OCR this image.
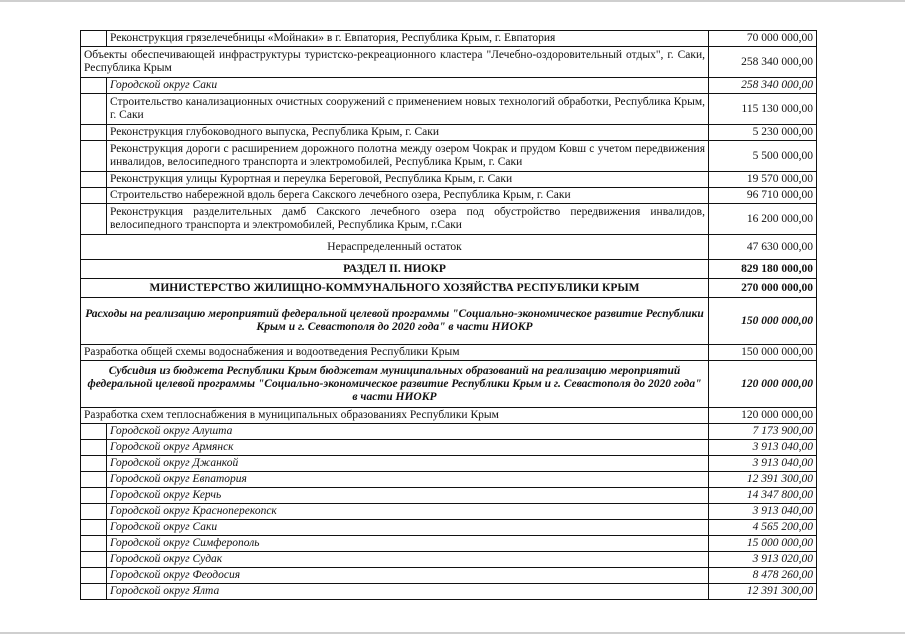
	Реконструкция грязелечебницы «Мойнаки» в г. Евпатория, Республика Крым, г. Евпатория	70 000 000,00
Объекты обеспечивающей инфраструктуры туристско-рекреационного кластера "Лечебно-оздоровительный отдых", г. Саки, Республика Крым		258 340 000,00
	Городской округ Саки	258 340 000,00
	Строительство канализационных очистных сооружений с применением новых технологий обработки, Республика Крым, г. Саки	115 130 000,00
	Реконструкция глубоководного выпуска, Республика Крым, г. Саки	5 230 000,00
	Реконструкция дороги с расширением дорожного полотна между озером Чокрак и прудом Ковш с учетом передвижения инвалидов, велосипедного транспорта и электромобилей, Республика Крым, г. Саки	5 500 000,00
	Реконструкция улицы Курортная и переулка Береговой, Республика Крым, г. Саки	19 570 000,00
	Строительство набережной вдоль берега Сакского лечебного озера, Республика Крым, г. Саки	96 710 000,00
	Реконструкция разделительных дамб Сакского лечебного озера под обустройство передвижения инвалидов, велосипедного транспорта и электромобилей, Республика Крым, г.Саки	16 200 000,00
Нераспределенный остаток		47 630 000,00
РАЗДЕЛ II. НИОКР		829 180 000,00
МИНИСТЕРСТВО ЖИЛИЩНО-КОММУНАЛЬНОГО ХОЗЯЙСТВА РЕСПУБЛИКИ КРЫМ		270 000 000,00
Расходы на реализацию мероприятий федеральной целевой программы "Социально-экономическое развитие Республики Крым и г. Севастополя до 2020 года" в части НИОКР		150 000 000,00
Разработка общей схемы водоснабжения и водоотведения Республики Крым		150 000 000,00
Субсидия из бюджета Республики Крым бюджетам муниципальных образований на реализацию мероприятий федеральной целевой программы "Социально-экономическое развитие Республики Крым и г. Севастополя до 2020 года" в части НИОКР		120 000 000,00
Разработка схем теплоснабжения в муниципальных образованиях Республики Крым		120 000 000,00
	Городской округ Алушта	7 173 900,00
	Городской округ Армянск	3 913 040,00
	Городской округ Джанкой	3 913 040,00
	Городской округ Евпатория	12 391 300,00
	Городской округ Керчь	14 347 800,00
	Городской округ Красноперекопск	3 913 040,00
	Городской округ Саки	4 565 200,00
	Городской округ Симферополь	15 000 000,00
	Городской округ Судак	3 913 020,00
	Городской округ Феодосия	8 478 260,00
	Городской округ Ялта	12 391 300,00
